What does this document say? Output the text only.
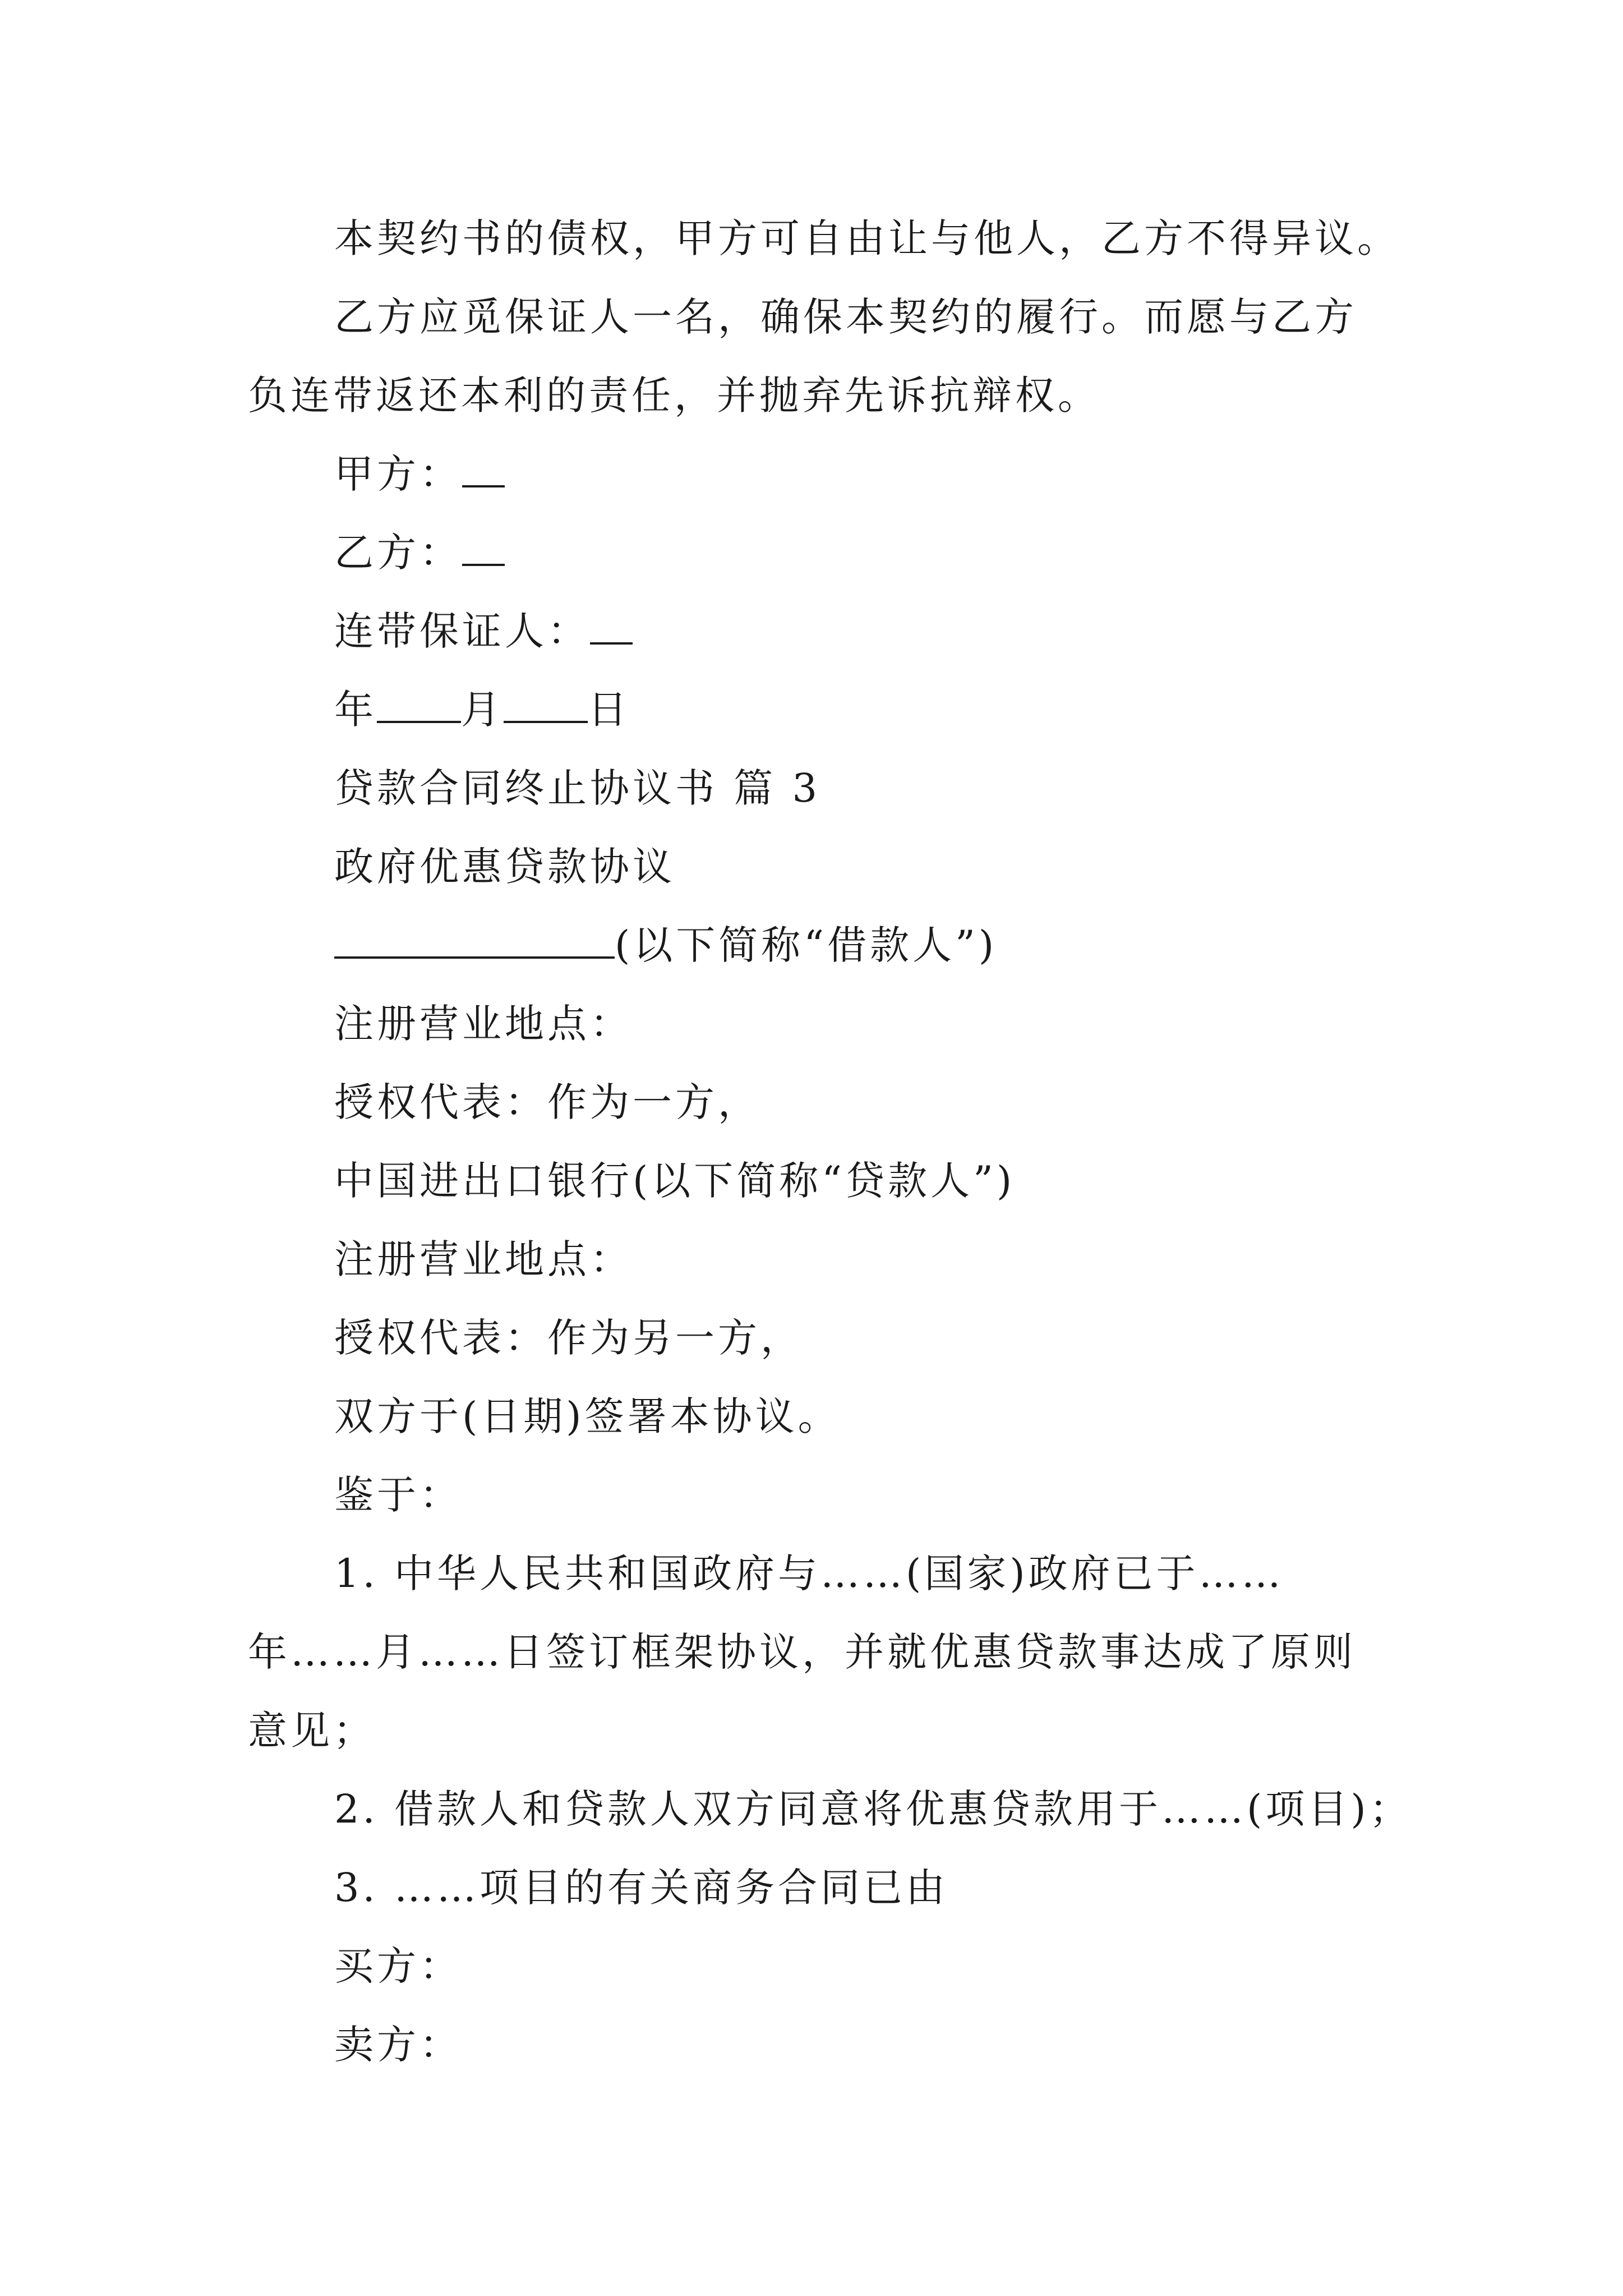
本契约书的债权，甲方可自由让与他人，乙方不得异议。
乙方应觅保证人一名，确保本契约的履行。而愿与乙方
负连带返还本利的责任，并抛弃先诉抗辩权。
甲方：
乙方：
连带保证人：
年 月 日
贷款合同终止协议书 篇 3
政府优惠贷款协议
(以下简称“借款人”)
注册营业地点：
授权代表：作为一方，
中国进出口银行(以下简称“贷款人”)
注册营业地点：
授权代表：作为另一方，
双方于(日期)签署本协议。
鉴于：
1. 中华人民共和国政府与……(国家)政府已于……
年……月……日签订框架协议，并就优惠贷款事达成了原则
意见；
2. 借款人和贷款人双方同意将优惠贷款用于……(项目)；
3. ……项目的有关商务合同已由
买方：
卖方：
